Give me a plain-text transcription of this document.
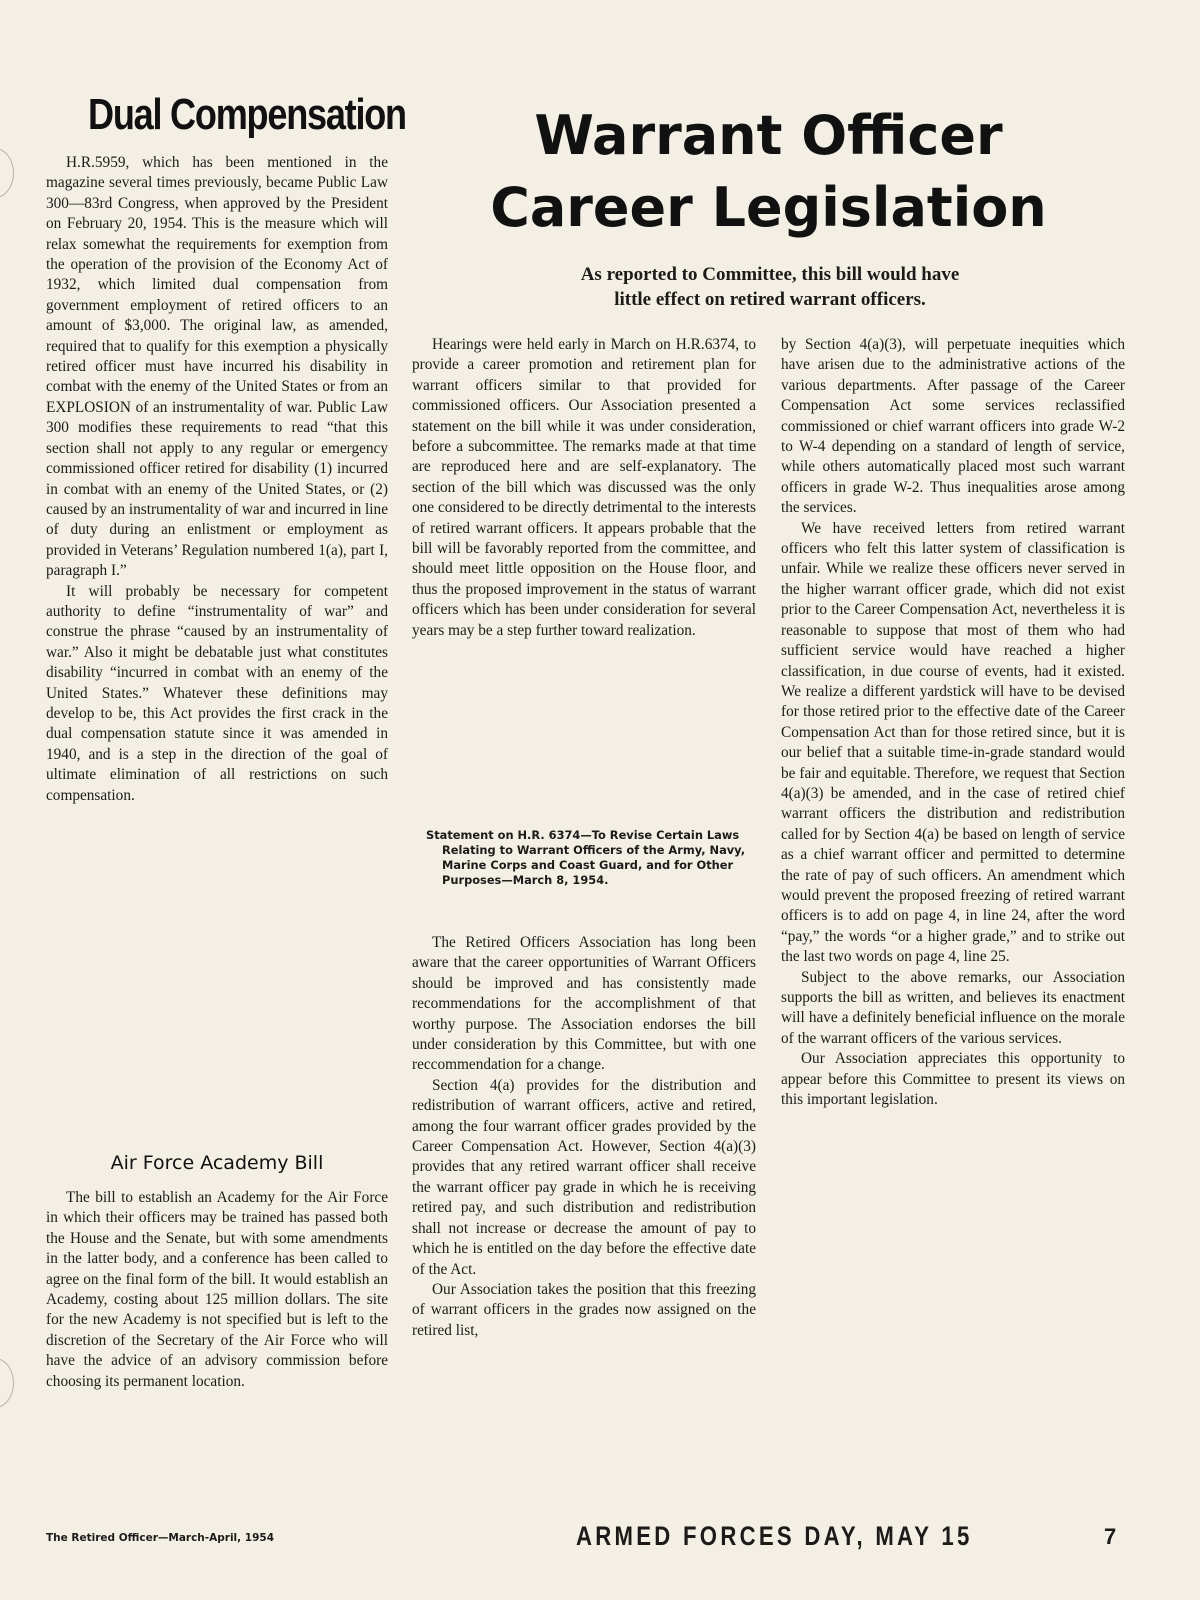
Dual Compensation

H.R.5959, which has been mentioned in the magazine several times previously, became Public Law 300—83rd Congress, when approved by the President on February 20, 1954. This is the measure which will relax somewhat the requirements for exemption from the operation of the provision of the Economy Act of 1932, which limited dual compensation from government employment of retired officers to an amount of $3,000. The original law, as amended, required that to qualify for this exemption a physically retired officer must have incurred his disability in combat with the enemy of the United States or from an EXPLOSION of an instrumentality of war. Public Law 300 modifies these requirements to read “that this section shall not apply to any regular or emergency commissioned officer retired for disability (1) incurred in combat with an enemy of the United States, or (2) caused by an instrumentality of war and incurred in line of duty during an enlistment or employment as provided in Veterans’ Regulation numbered 1(a), part I, paragraph I.”

It will probably be necessary for competent authority to define “instrumentality of war” and construe the phrase “caused by an instrumentality of war.” Also it might be debatable just what constitutes disability “incurred in combat with an enemy of the United States.” Whatever these definitions may develop to be, this Act provides the first crack in the dual compensation statute since it was amended in 1940, and is a step in the direction of the goal of ultimate elimination of all restrictions on such compensation.

Air Force Academy Bill

The bill to establish an Academy for the Air Force in which their officers may be trained has passed both the House and the Senate, but with some amendments in the latter body, and a conference has been called to agree on the final form of the bill. It would establish an Academy, costing about 125 million dollars. The site for the new Academy is not specified but is left to the discretion of the Secretary of the Air Force who will have the advice of an advisory commission before choosing its permanent location.

Warrant Officer
Career Legislation
As reported to Committee, this bill would have
little effect on retired warrant officers.

Hearings were held early in March on H.R.6374, to provide a career promotion and retirement plan for warrant officers similar to that provided for commissioned officers. Our Association presented a statement on the bill while it was under consideration, before a subcommittee. The remarks made at that time are reproduced here and are self-explanatory. The section of the bill which was discussed was the only one considered to be directly detrimental to the interests of retired warrant officers. It appears probable that the bill will be favorably reported from the committee, and should meet little opposition on the House floor, and thus the proposed improvement in the status of warrant officers which has been under consideration for several years may be a step further toward realization.

Statement on H.R. 6374—To Revise Certain Laws Relating to Warrant Officers of the Army, Navy, Marine Corps and Coast Guard, and for Other Purposes—March 8, 1954.

The Retired Officers Association has long been aware that the career opportunities of Warrant Officers should be improved and has consistently made recommendations for the accomplishment of that worthy purpose. The Association endorses the bill under consideration by this Committee, but with one reccommendation for a change.

Section 4(a) provides for the distribution and redistribution of warrant officers, active and retired, among the four warrant officer grades provided by the Career Compensation Act. However, Section 4(a)(3) provides that any retired warrant officer shall receive the warrant officer pay grade in which he is receiving retired pay, and such distribution and redistribution shall not increase or decrease the amount of pay to which he is entitled on the day before the effective date of the Act.

Our Association takes the position that this freezing of warrant officers in the grades now assigned on the retired list,

by Section 4(a)(3), will perpetuate inequities which have arisen due to the administrative actions of the various departments. After passage of the Career Compensation Act some services reclassified commissioned or chief warrant officers into grade W-2 to W-4 depending on a standard of length of service, while others automatically placed most such warrant officers in grade W-2. Thus inequalities arose among the services.

We have received letters from retired warrant officers who felt this latter system of classification is unfair. While we realize these officers never served in the higher warrant officer grade, which did not exist prior to the Career Compensation Act, nevertheless it is reasonable to suppose that most of them who had sufficient service would have reached a higher classification, in due course of events, had it existed. We realize a different yardstick will have to be devised for those retired prior to the effective date of the Career Compensation Act than for those retired since, but it is our belief that a suitable time-in-grade standard would be fair and equitable. Therefore, we request that Section 4(a)(3) be amended, and in the case of retired chief warrant officers the distribution and redistribution called for by Section 4(a) be based on length of service as a chief warrant officer and permitted to determine the rate of pay of such officers. An amendment which would prevent the proposed freezing of retired warrant officers is to add on page 4, in line 24, after the word “pay,” the words “or a higher grade,” and to strike out the last two words on page 4, line 25.

Subject to the above remarks, our Association supports the bill as written, and believes its enactment will have a definitely beneficial influence on the morale of the warrant officers of the various services.

Our Association appreciates this opportunity to appear before this Committee to present its views on this important legislation.

The Retired Officer—March-April, 1954	ARMED FORCES DAY, MAY 15	7
